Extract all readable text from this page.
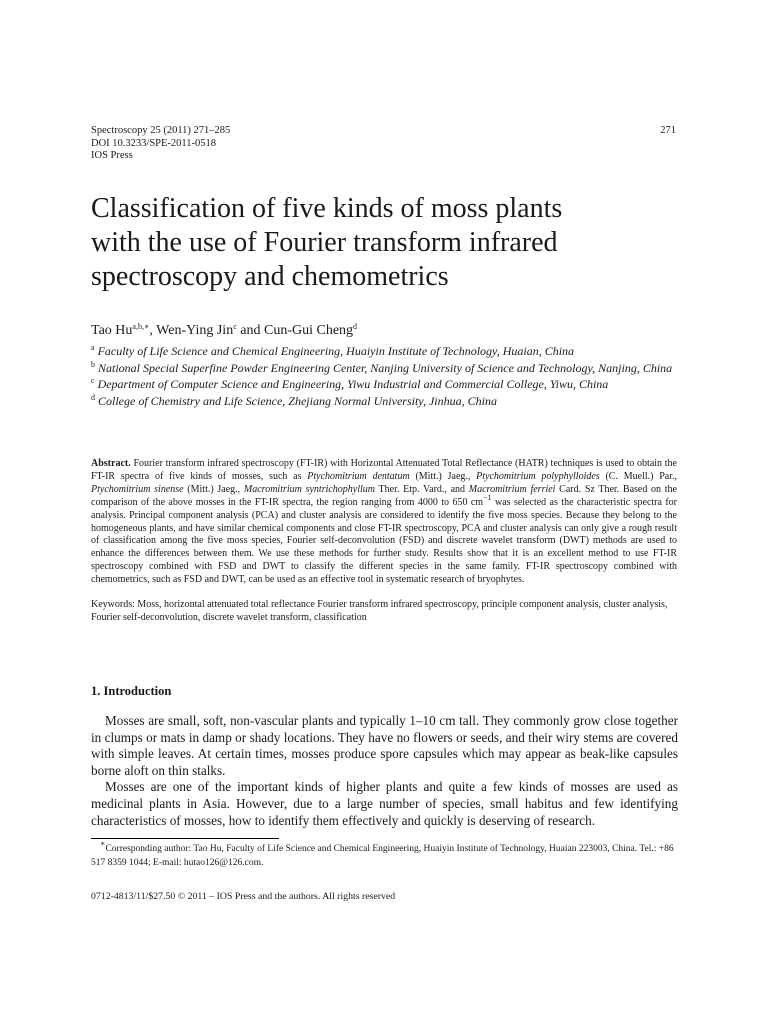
Spectroscopy 25 (2011) 271–285
DOI 10.3233/SPE-2011-0518
IOS Press
271
Classification of five kinds of moss plants
with the use of Fourier transform infrared
spectroscopy and chemometrics
Tao $Hu^{a,b,∗}$, Wen-Ying Jin$^c$ and Cun-Gui Cheng$^d$
$^a$ Faculty of Life Science and Chemical Engineering, Huaiyin Institute of Technology, Huaian, China
$^b$ National Special Superfine Powder Engineering Center, Nanjing University of Science and Technology, Nanjing, China
$^c$ Department of Computer Science and Engineering, Yiwu Industrial and Commercial College, Yiwu, China
$^d$ College of Chemistry and Life Science, Zhejiang Normal University, Jinhua, China
Abstract. Fourier transform infrared spectroscopy (FT-IR) with Horizontal Attenuated Total Reflectance (HATR) techniques is used to obtain the FT-IR spectra of five kinds of mosses, such as Ptychomitrium dentatum (Mitt.) Jaeg., Ptychomitrium polyphylloides (C. Muell.) Par., Ptychomitrium sinense (Mitt.) Jaeg., Macromitrium syntrichophyllum Ther. Etp. Vard., and Macromitrium ferriei Card. Sz Ther. Based on the comparison of the above mosses in the FT-IR spectra, the region ranging from 4000 to 650 $cm^{-1}$ was selected as the characteristic spectra for analysis. Principal component analysis (PCA) and cluster analysis are considered to identify the five moss species. Because they belong to the homogeneous plants, and have similar chemical components and close FT-IR spectroscopy, PCA and cluster analysis can only give a rough result of classification among the five moss species, Fourier self-deconvolution (FSD) and discrete wavelet transform (DWT) methods are used to enhance the differences between them. We use these methods for further study. Results show that it is an excellent method to use FT-IR spectroscopy combined with FSD and DWT to classify the different species in the same family. FT-IR spectroscopy combined with chemometrics, such as FSD and DWT, can be used as an effective tool in systematic research of bryophytes.
Keywords: Moss, horizontal attenuated total reflectance Fourier transform infrared spectroscopy, principle component analysis, cluster analysis, Fourier self-deconvolution, discrete wavelet transform, classification
1. Introduction

Mosses are small, soft, non-vascular plants and typically 1–10 cm tall. They commonly grow close together in clumps or mats in damp or shady locations. They have no flowers or seeds, and their wiry stems are covered with simple leaves. At certain times, mosses produce spore capsules which may appear as beak-like capsules borne aloft on thin stalks.

Mosses are one of the important kinds of higher plants and quite a few kinds of mosses are used as medicinal plants in Asia. However, due to a large number of species, small habitus and few identifying characteristics of mosses, how to identify them effectively and quickly is deserving of research.

∗Corresponding author: Tao Hu, Faculty of Life Science and Chemical Engineering, Huaiyin Institute of Technology, Huaian 223003, China. Tel.: +86 517 8359 1044; E-mail: hutao126@126.com.
0712-4813/11/$27.50 © 2011 – IOS Press and the authors. All rights reserved
